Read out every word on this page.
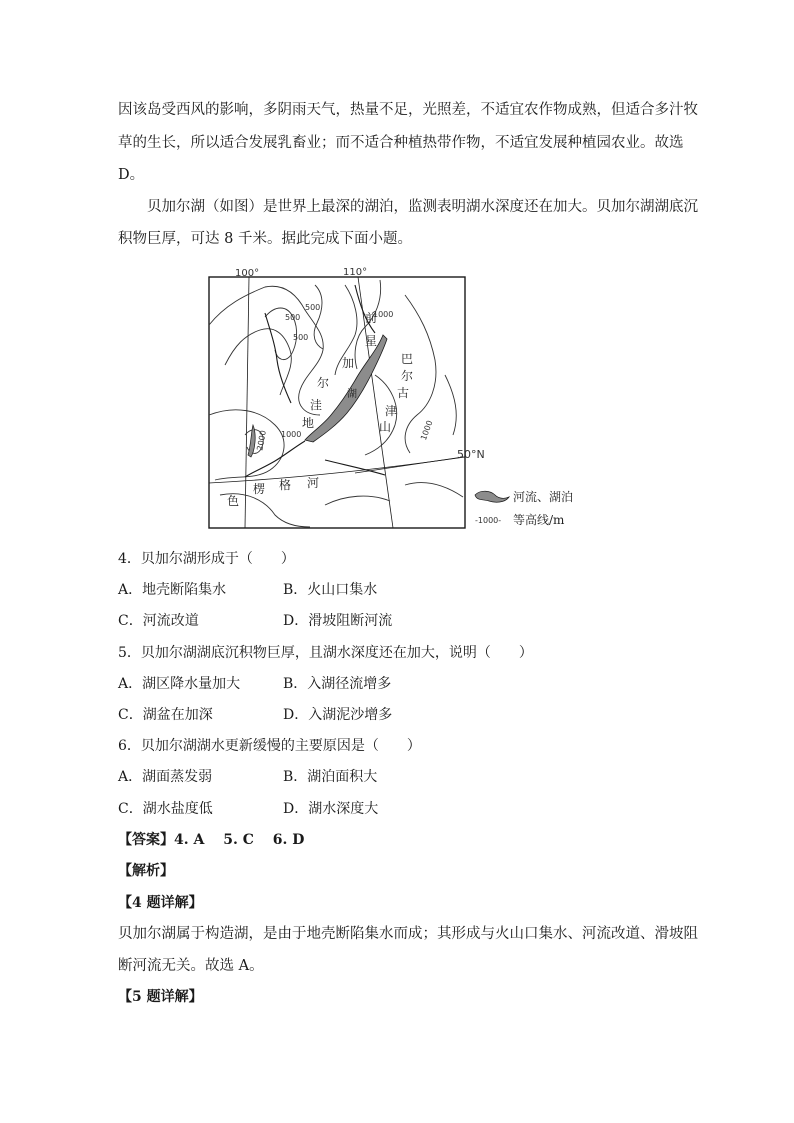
因该岛受西风的影响，多阴雨天气，热量不足，光照差，不适宜农作物成熟，但适合多汁牧
草的生长，所以适合发展乳畜业；而不适合种植热带作物，不适宜发展种植园农业。故选
D。
贝加尔湖（如图）是世界上最深的湖泊，监测表明湖水深度还在加大。贝加尔湖湖底沉
积物巨厚，可达 8 千米。据此完成下面小题。
100°	110°
50°N
500
500
500
1000
1000	1000
2000
前
星
加
尔
洼
地
巴
尔
古
津
山
湖
色
楞 格 河
河流、湖泊
-1000- 等高线/m
4．贝加尔湖形成于（　　）
A．地壳断陷集水	B．火山口集水
C．河流改道	D．滑坡阻断河流
5．贝加尔湖湖底沉积物巨厚，且湖水深度还在加大，说明（　　）
A．湖区降水量加大	B．入湖径流增多
C．湖盆在加深	D．入湖泥沙增多
6．贝加尔湖湖水更新缓慢的主要原因是（　　）
A．湖面蒸发弱	B．湖泊面积大
C．湖水盐度低	D．湖水深度大
【答案】4. A　 5. C　 6. D
【解析】
【4 题详解】
贝加尔湖属于构造湖，是由于地壳断陷集水而成；其形成与火山口集水、河流改道、滑坡阻
断河流无关。故选 A。
【5 题详解】
